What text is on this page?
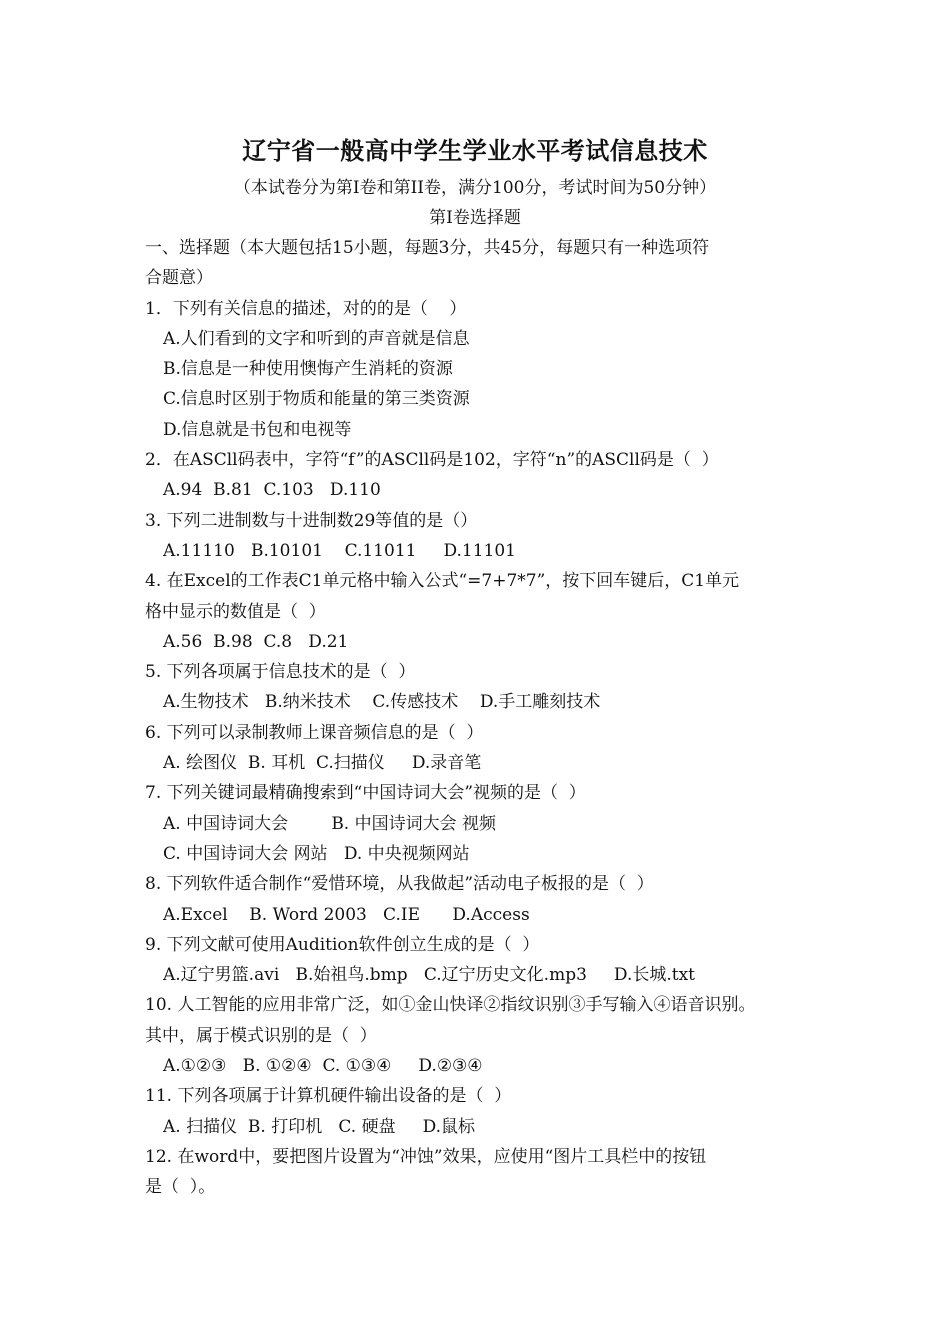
辽宁省一般高中学生学业水平考试信息技术
（本试卷分为第I卷和第II卷，满分100分，考试时间为50分钟）
第I卷选择题
一、选择题（本大题包括15小题，每题3分，共45分，每题只有一种选项符
合题意）
1．下列有关信息的描述，对的的是（    ）
A.人们看到的文字和听到的声音就是信息
B.信息是一种使用懊悔产生消耗的资源
C.信息时区别于物质和能量的第三类资源
D.信息就是书包和电视等
2．在ASCll码表中，字符“f”的ASCll码是102，字符“n”的ASCll码是（  ）
A.94  B.81  C.103   D.110
3. 下列二进制数与十进制数29等值的是（）
A.11110   B.10101    C.11011     D.11101
4. 在Excel的工作表C1单元格中输入公式“=7+7*7”，按下回车键后，C1单元
格中显示的数值是（  ）
A.56  B.98  C.8   D.21
5. 下列各项属于信息技术的是（  ）
A.生物技术   B.纳米技术    C.传感技术    D.手工雕刻技术
6. 下列可以录制教师上课音频信息的是（  ）
A. 绘图仪  B. 耳机  C.扫描仪     D.录音笔
7. 下列关键词最精确搜索到“中国诗词大会”视频的是（  ）
A. 中国诗词大会        B. 中国诗词大会 视频
C. 中国诗词大会 网站   D. 中央视频网站
8. 下列软件适合制作“爱惜环境，从我做起”活动电子板报的是（  ）
A.Excel    B. Word 2003   C.IE      D.Access
9. 下列文献可使用Audition软件创立生成的是（  ）
A.辽宁男篮.avi   B.始祖鸟.bmp   C.辽宁历史文化.mp3     D.长城.txt
10. 人工智能的应用非常广泛，如①金山快译②指纹识别③手写输入④语音识别。
其中，属于模式识别的是（  ）
A.①②③   B. ①②④  C. ①③④     D.②③④
11. 下列各项属于计算机硬件输出设备的是（  ）
A. 扫描仪  B. 打印机   C. 硬盘     D.鼠标
12. 在word中，要把图片设置为“冲蚀”效果，应使用“图片工具栏中的按钮
是（  ）。
